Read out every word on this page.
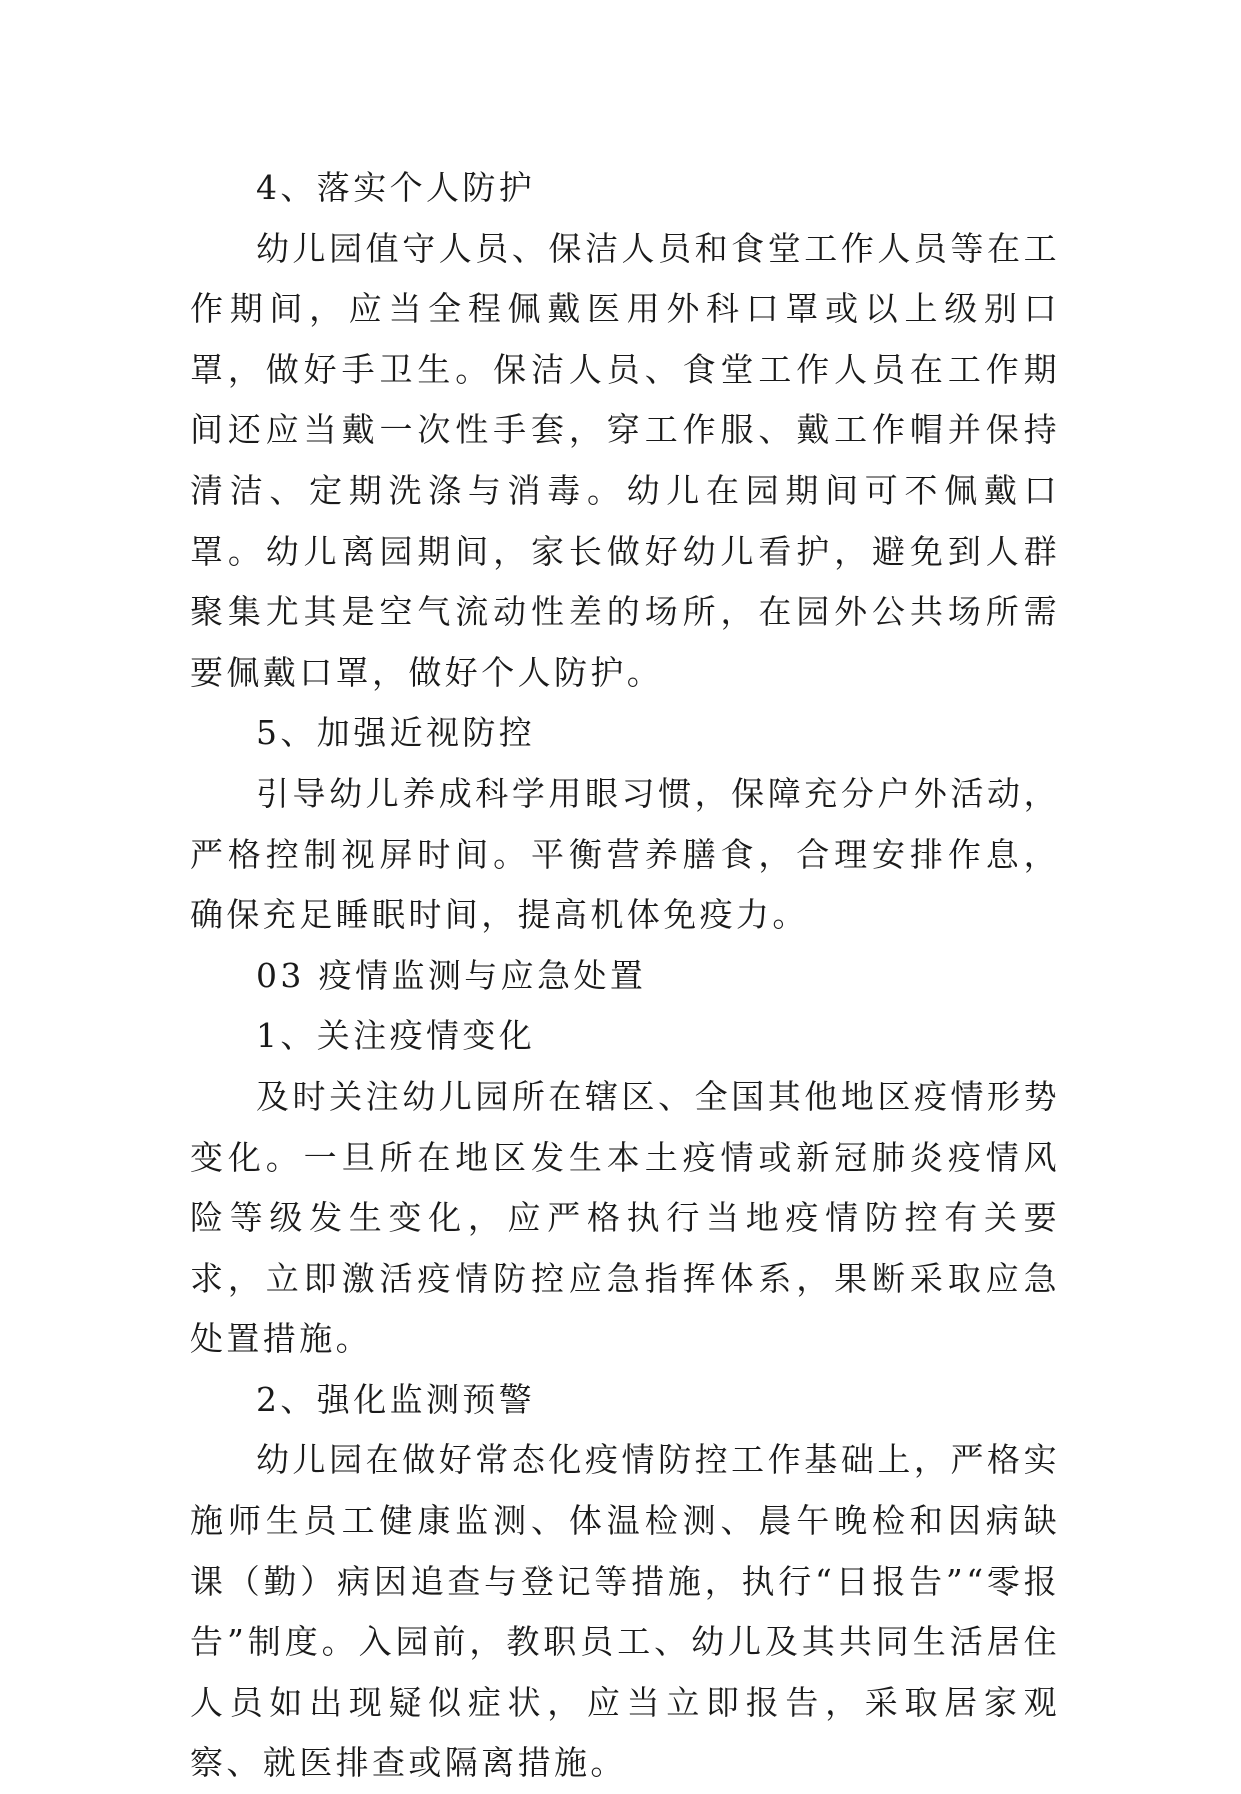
4、落实个人防护

幼儿园值守人员、保洁人员和食堂工作人员等在工作期间，应当全程佩戴医用外科口罩或以上级别口罩，做好手卫生。保洁人员、食堂工作人员在工作期间还应当戴一次性手套，穿工作服、戴工作帽并保持清洁、定期洗涤与消毒。幼儿在园期间可不佩戴口罩。幼儿离园期间，家长做好幼儿看护，避免到人群聚集尤其是空气流动性差的场所，在园外公共场所需要佩戴口罩，做好个人防护。

5、加强近视防控

引导幼儿养成科学用眼习惯，保障充分户外活动，严格控制视屏时间。平衡营养膳食，合理安排作息，确保充足睡眠时间，提高机体免疫力。

03 疫情监测与应急处置

1、关注疫情变化

及时关注幼儿园所在辖区、全国其他地区疫情形势变化。一旦所在地区发生本土疫情或新冠肺炎疫情风险等级发生变化，应严格执行当地疫情防控有关要求，立即激活疫情防控应急指挥体系，果断采取应急处置措施。

2、强化监测预警

幼儿园在做好常态化疫情防控工作基础上，严格实施师生员工健康监测、体温检测、晨午晚检和因病缺课（勤）病因追查与登记等措施，执行“日报告”“零报告”制度。入园前，教职员工、幼儿及其共同生活居住人员如出现疑似症状，应当立即报告，采取居家观察、就医排查或隔离措施。
